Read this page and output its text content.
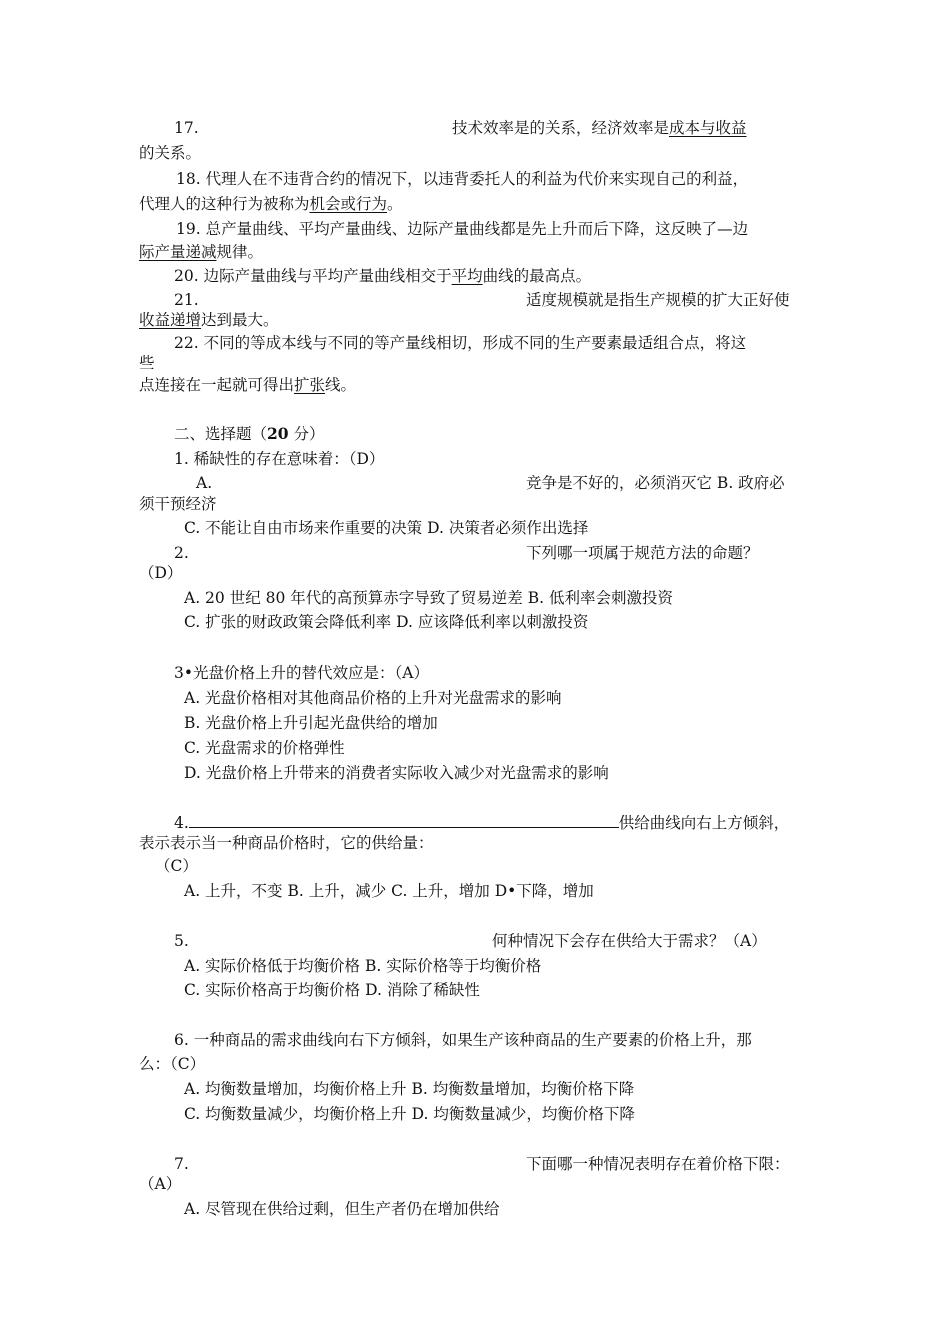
17.	技术效率是的关系，经济效率是成本与收益
的关系。
18. 代理人在不违背合约的情况下，以违背委托人的利益为代价来实现自己的利益，
代理人的这种行为被称为机会或行为。
19. 总产量曲线、平均产量曲线、边际产量曲线都是先上升而后下降，这反映了—边
际产量递减规律。
20. 边际产量曲线与平均产量曲线相交于平均曲线的最高点。
21.	适度规模就是指生产规模的扩大正好使
收益递增达到最大。
22. 不同的等成本线与不同的等产量线相切，形成不同的生产要素最适组合点，将这
些
点连接在一起就可得出扩张线。
二、选择题（20 分）
1. 稀缺性的存在意味着：（D）
A.	竞争是不好的，必须消灭它 B. 政府必
须干预经济
C. 不能让自由市场来作重要的决策 D. 决策者必须作出选择
2.	下列哪一项属于规范方法的命题？
（D）
A. 20 世纪 80 年代的高预算赤字导致了贸易逆差 B. 低利率会刺激投资
C. 扩张的财政政策会降低利率 D. 应该降低利率以刺激投资
3•光盘价格上升的替代效应是：（A）
A. 光盘价格相对其他商品价格的上升对光盘需求的影响
B. 光盘价格上升引起光盘供给的增加
C. 光盘需求的价格弹性
D. 光盘价格上升带来的消费者实际收入减少对光盘需求的影响
4.	供给曲线向右上方倾斜，
表示表示当一种商品价格时，它的供给量：
（C）
A. 上升，不变 B. 上升，减少 C. 上升，增加 D•下降，增加
5.	何种情况下会存在供给大于需求？（A）
A. 实际价格低于均衡价格 B. 实际价格等于均衡价格
C. 实际价格高于均衡价格 D. 消除了稀缺性
6. 一种商品的需求曲线向右下方倾斜，如果生产该种商品的生产要素的价格上升，那
么：（C）
A. 均衡数量增加，均衡价格上升 B. 均衡数量增加，均衡价格下降
C. 均衡数量减少，均衡价格上升 D. 均衡数量减少，均衡价格下降
7.	下面哪一种情况表明存在着价格下限：
（A）
A. 尽管现在供给过剩，但生产者仍在增加供给
